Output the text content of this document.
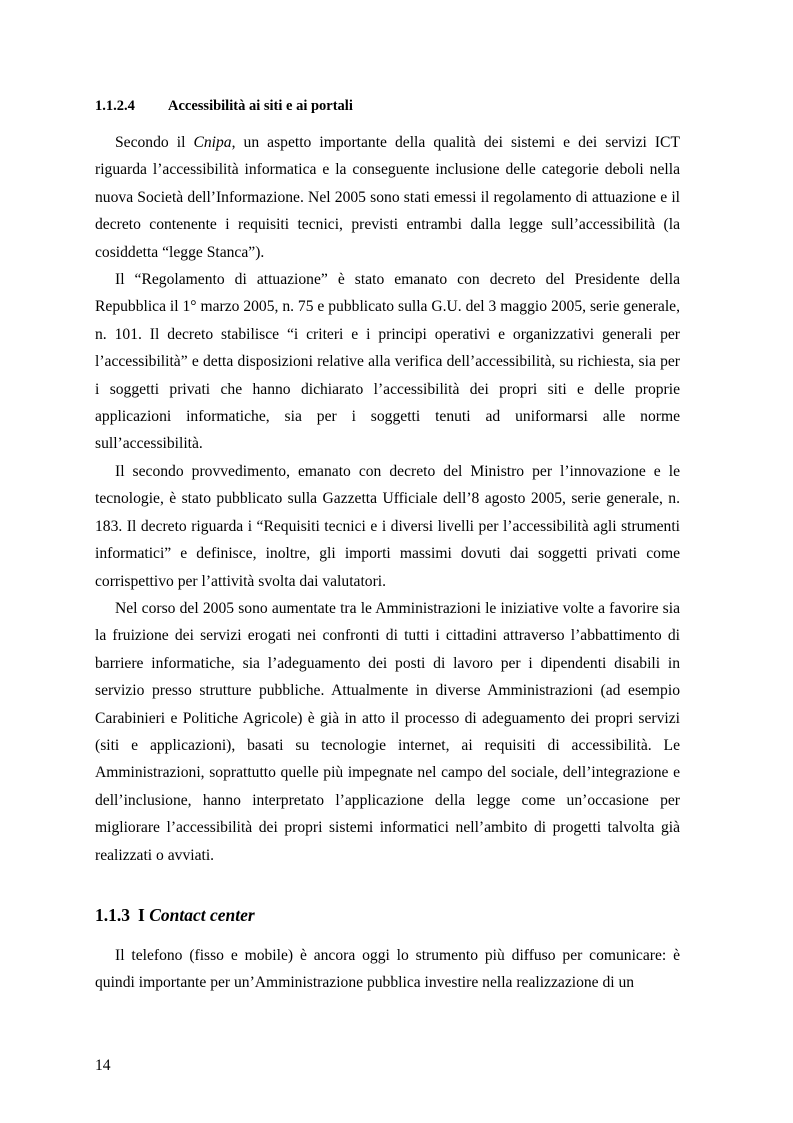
1.1.2.4 Accessibilità ai siti e ai portali

Secondo il Cnipa, un aspetto importante della qualità dei sistemi e dei servizi ICT riguarda l’accessibilità informatica e la conseguente inclusione delle categorie deboli nella nuova Società dell’Informazione. Nel 2005 sono stati emessi il regolamento di attuazione e il decreto contenente i requisiti tecnici, previsti entrambi dalla legge sull’accessibilità (la cosiddetta “legge Stanca”).

Il “Regolamento di attuazione” è stato emanato con decreto del Presidente della Repubblica il 1° marzo 2005, n. 75 e pubblicato sulla G.U. del 3 maggio 2005, serie generale, n. 101. Il decreto stabilisce “i criteri e i principi operativi e organizzativi generali per l’accessibilità” e detta disposizioni relative alla verifica dell’accessibilità, su richiesta, sia per i soggetti privati che hanno dichiarato l’accessibilità dei propri siti e delle proprie applicazioni informatiche, sia per i soggetti tenuti ad uniformarsi alle norme sull’accessibilità.

Il secondo provvedimento, emanato con decreto del Ministro per l’innovazione e le tecnologie, è stato pubblicato sulla Gazzetta Ufficiale dell’8 agosto 2005, serie generale, n. 183. Il decreto riguarda i “Requisiti tecnici e i diversi livelli per l’accessibilità agli strumenti informatici” e definisce, inoltre, gli importi massimi dovuti dai soggetti privati come corrispettivo per l’attività svolta dai valutatori.

Nel corso del 2005 sono aumentate tra le Amministrazioni le iniziative volte a favorire sia la fruizione dei servizi erogati nei confronti di tutti i cittadini attraverso l’abbattimento di barriere informatiche, sia l’adeguamento dei posti di lavoro per i dipendenti disabili in servizio presso strutture pubbliche. Attualmente in diverse Amministrazioni (ad esempio Carabinieri e Politiche Agricole) è già in atto il processo di adeguamento dei propri servizi (siti e applicazioni), basati su tecnologie internet, ai requisiti di accessibilità. Le Amministrazioni, soprattutto quelle più impegnate nel campo del sociale, dell’integrazione e dell’inclusione, hanno interpretato l’applicazione della legge come un’occasione per migliorare l’accessibilità dei propri sistemi informatici nell’ambito di progetti talvolta già realizzati o avviati.

1.1.3 I Contact center

Il telefono (fisso e mobile) è ancora oggi lo strumento più diffuso per comunicare: è quindi importante per un’Amministrazione pubblica investire nella realizzazione di un

14
